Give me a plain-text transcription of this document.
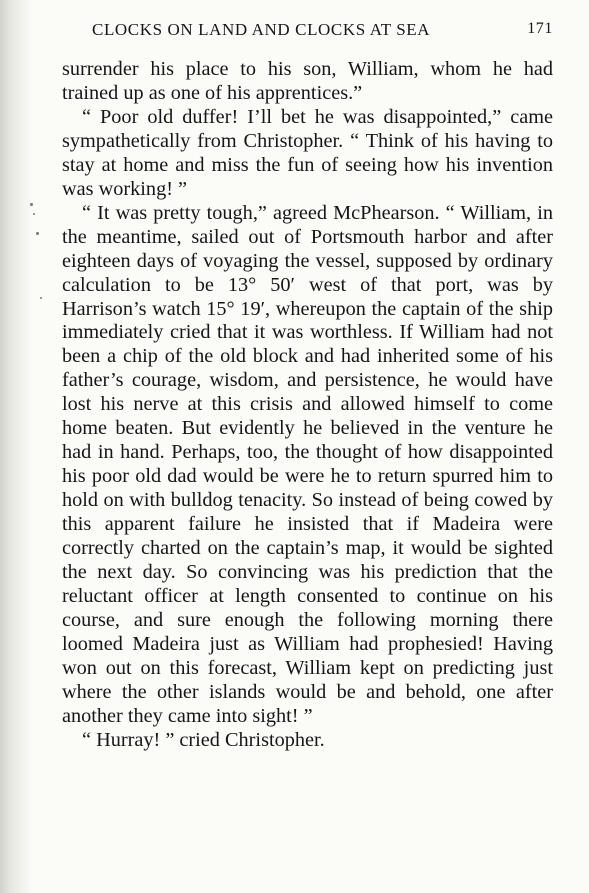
CLOCKS ON LAND AND CLOCKS AT SEA	171

surrender his place to his son, William, whom he had trained up as one of his apprentices.”

“ Poor old duffer! I’ll bet he was disappointed,” came sympathetically from Christopher. “ Think of his having to stay at home and miss the fun of seeing how his invention was working! ”

“ It was pretty tough,” agreed McPhearson. “ William, in the meantime, sailed out of Portsmouth harbor and after eighteen days of voyaging the vessel, supposed by ordinary calculation to be 13° 50′ west of that port, was by Harrison’s watch 15° 19′, whereupon the captain of the ship immediately cried that it was worthless. If William had not been a chip of the old block and had inherited some of his father’s courage, wisdom, and persistence, he would have lost his nerve at this crisis and allowed himself to come home beaten. But evidently he believed in the venture he had in hand. Perhaps, too, the thought of how disappointed his poor old dad would be were he to return spurred him to hold on with bulldog tenacity. So instead of being cowed by this apparent failure he insisted that if Madeira were correctly charted on the captain’s map, it would be sighted the next day. So convincing was his prediction that the reluctant officer at length consented to continue on his course, and sure enough the following morning there loomed Madeira just as William had prophesied! Having won out on this forecast, William kept on predicting just where the other islands would be and behold, one after another they came into sight! ”

“ Hurray! ” cried Christopher.
